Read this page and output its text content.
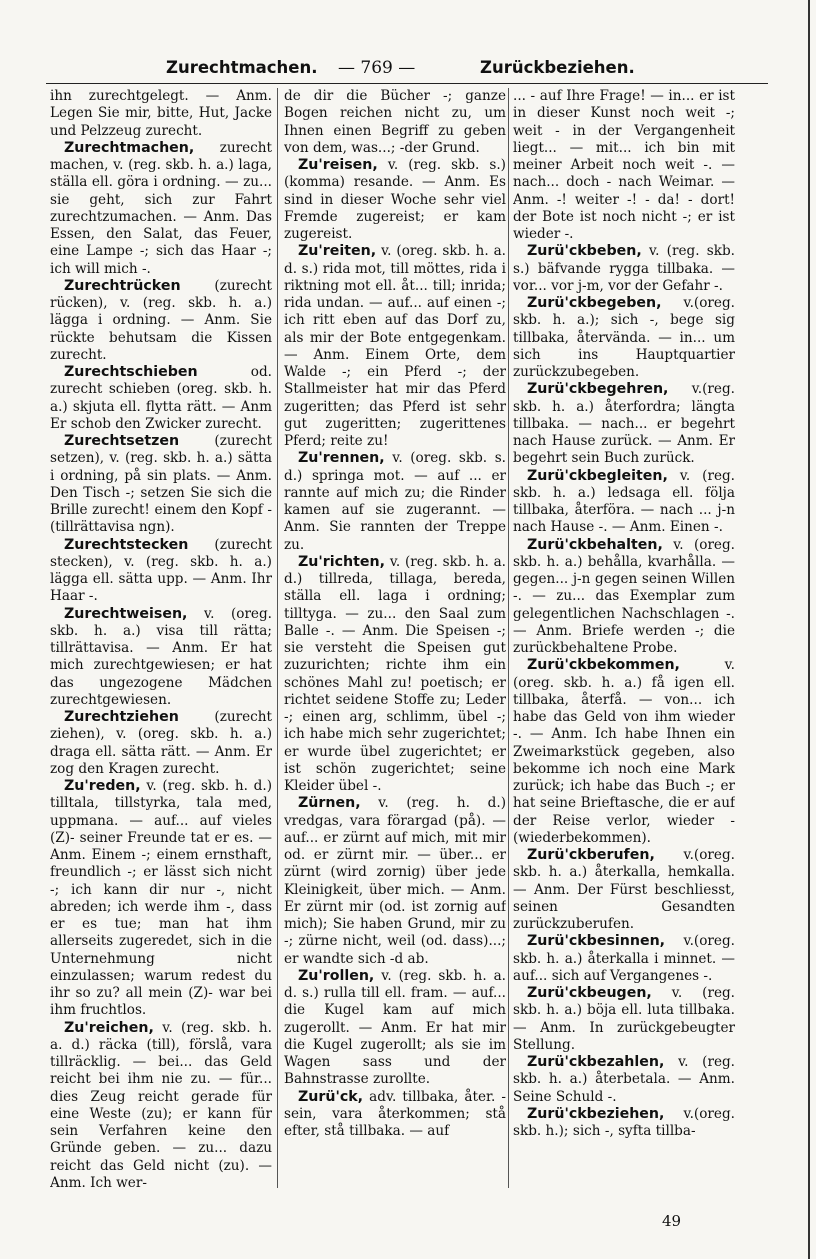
Zurechtmachen. — 769 —	Zurückbeziehen.

ihn zurechtgelegt. — Anm. Legen Sie mir, bitte, Hut, Jacke und Pelzzeug zurecht.

Zurechtmachen, zurecht machen, v. (reg. skb. h. a.) laga, ställa ell. göra i ordning. — zu... sie geht, sich zur Fahrt zurechtzumachen. — Anm. Das Essen, den Salat, das Feuer, eine Lampe -; sich das Haar -; ich will mich -.

Zurechtrücken (zurecht rücken), v. (reg. skb. h. a.) lägga i ordning. — Anm. Sie rückte behutsam die Kissen zurecht.

Zurechtschieben	od. zurecht schieben (oreg. skb. h. a.) skjuta ell. flytta rätt. — Anm Er schob den Zwicker zurecht.

Zurechtsetzen	(zurecht setzen), v. (reg. skb. h. a.) sätta i ordning, på sin plats. — Anm. Den Tisch -; setzen Sie sich die Brille zurecht! einem den Kopf - (tillrättavisa ngn).

Zurechtstecken (zurecht stecken), v. (reg. skb. h. a.) lägga ell. sätta upp. — Anm. Ihr Haar -.

Zurechtweisen, v. (oreg. skb. h. a.) visa till rätta; tillrättavisa. — Anm. Er hat mich zurechtgewiesen; er hat das ungezogene Mädchen zurechtgewiesen.

Zurechtziehen	(zurecht ziehen), v. (oreg. skb. h. a.) draga ell. sätta rätt. — Anm. Er zog den Kragen zurecht.

Zu'reden, v. (reg. skb. h. d.) tilltala, tillstyrka, tala med, uppmana. — auf... auf vieles (Z)- seiner Freunde tat er es. — Anm. Einem -; einem ernsthaft, freundlich -; er lässt sich nicht -; ich kann dir nur -, nicht abreden; ich werde ihm -, dass er es tue; man hat ihm allerseits zugeredet, sich in die Unternehmung nicht einzulassen; warum redest du ihr so zu? all mein (Z)- war bei ihm fruchtlos.

Zu'reichen, v. (reg. skb. h. a. d.) räcka (till), förslå, vara tillräcklig. — bei... das Geld reicht bei ihm nie zu. — für... dies Zeug reicht gerade für eine Weste (zu); er kann für sein Verfahren keine den Gründe geben. — zu... dazu reicht das Geld nicht (zu). — Anm. Ich wer-

de dir die Bücher -; ganze Bogen reichen nicht zu, um Ihnen einen Begriff zu geben von dem, was...; -der Grund.

Zu'reisen, v. (reg. skb. s.) (komma) resande. — Anm. Es sind in dieser Woche sehr viel Fremde zugereist; er kam zugereist.

Zu'reiten, v. (oreg. skb. h. a. d. s.) rida mot, till möttes, rida i riktning mot ell. åt... till; inrida; rida undan. — auf... auf einen -; ich ritt eben auf das Dorf zu, als mir der Bote entgegenkam. — Anm. Einem Orte, dem Walde -; ein Pferd -; der Stallmeister hat mir das Pferd zugeritten; das Pferd ist sehr gut zugeritten; zugerittenes Pferd; reite zu!

Zu'rennen, v. (oreg. skb. s. d.) springa mot. — auf ... er rannte auf mich zu; die Rinder kamen auf sie zugerannt. — Anm. Sie rannten der Treppe zu.

Zu'richten, v. (reg. skb. h. a. d.) tillreda, tillaga, bereda, ställa ell. laga i ordning; tilltyga. — zu... den Saal zum Balle -. — Anm. Die Speisen -; sie versteht die Speisen gut zuzurichten; richte ihm ein schönes Mahl zu! poetisch; er richtet seidene Stoffe zu; Leder -; einen arg, schlimm, übel -; ich habe mich sehr zugerichtet; er wurde übel zugerichtet; er ist schön zugerichtet; seine Kleider übel -.

Zürnen, v. (reg. h. d.) vredgas, vara förargad (på). — auf... er zürnt auf mich, mit mir od. er zürnt mir. — über... er zürnt (wird zornig) über jede Kleinigkeit, über mich. — Anm. Er zürnt mir (od. ist zornig auf mich); Sie haben Grund, mir zu -; zürne nicht, weil (od. dass)...; er wandte sich -d ab.

Zu'rollen, v. (reg. skb. h. a. d. s.) rulla till ell. fram. — auf... die Kugel kam auf mich zugerollt. — Anm. Er hat mir die Kugel zugerollt; als sie im Wagen sass und der Bahnstrasse zurollte.

Zurü'ck, adv. tillbaka, åter. - sein, vara återkommen; stå efter, stå tillbaka. — auf

... - auf Ihre Frage! — in... er ist in dieser Kunst noch weit -; weit - in der Vergangenheit liegt... — mit... ich bin mit meiner Arbeit noch weit -. — nach... doch - nach Weimar. — Anm. -! weiter -! - da! - dort! der Bote ist noch nicht -; er ist wieder -.

Zurü'ckbeben, v. (reg. skb. s.) bäfvande rygga tillbaka. — vor... vor j-m, vor der Gefahr -.

Zurü'ckbegeben, v.(oreg. skb. h. a.); sich -, bege sig tillbaka, återvända. — in... um sich ins Hauptquartier zurückzubegeben.

Zurü'ckbegehren, v.(reg. skb. h. a.) återfordra; längta tillbaka. — nach... er begehrt nach Hause zurück. — Anm. Er begehrt sein Buch zurück.

Zurü'ckbegleiten, v. (reg. skb. h. a.) ledsaga ell. följa tillbaka, återföra. — nach ... j-n nach Hause -. — Anm. Einen -.

Zurü'ckbehalten, v. (oreg. skb. h. a.) behålla, kvarhålla. — gegen... j-n gegen seinen Willen -. — zu... das Exemplar zum gelegentlichen Nachschlagen -. — Anm. Briefe werden -; die zurückbehaltene Probe.

Zurü'ckbekommen,	v. (oreg. skb. h. a.) få igen ell. tillbaka, återfå. — von... ich habe das Geld von ihm wieder -. — Anm. Ich habe Ihnen ein Zweimarkstück gegeben, also bekomme ich noch eine Mark zurück; ich habe das Buch -; er hat seine Brieftasche, die er auf der Reise verlor, wieder - (wiederbekommen).

Zurü'ckberufen, v.(oreg. skb. h. a.) återkalla, hemkalla. — Anm. Der Fürst beschliesst, seinen Gesandten zurückzuberufen.

Zurü'ckbesinnen, v.(oreg. skb. h. a.) återkalla i minnet. — auf... sich auf Vergangenes -.

Zurü'ckbeugen, v. (reg. skb. h. a.) böja ell. luta tillbaka. — Anm. In zurückgebeugter Stellung.

Zurü'ckbezahlen, v. (reg. skb. h. a.) återbetala. — Anm. Seine Schuld -.

Zurü'ckbeziehen, v.(oreg. skb. h.); sich -, syfta tillba-

49
